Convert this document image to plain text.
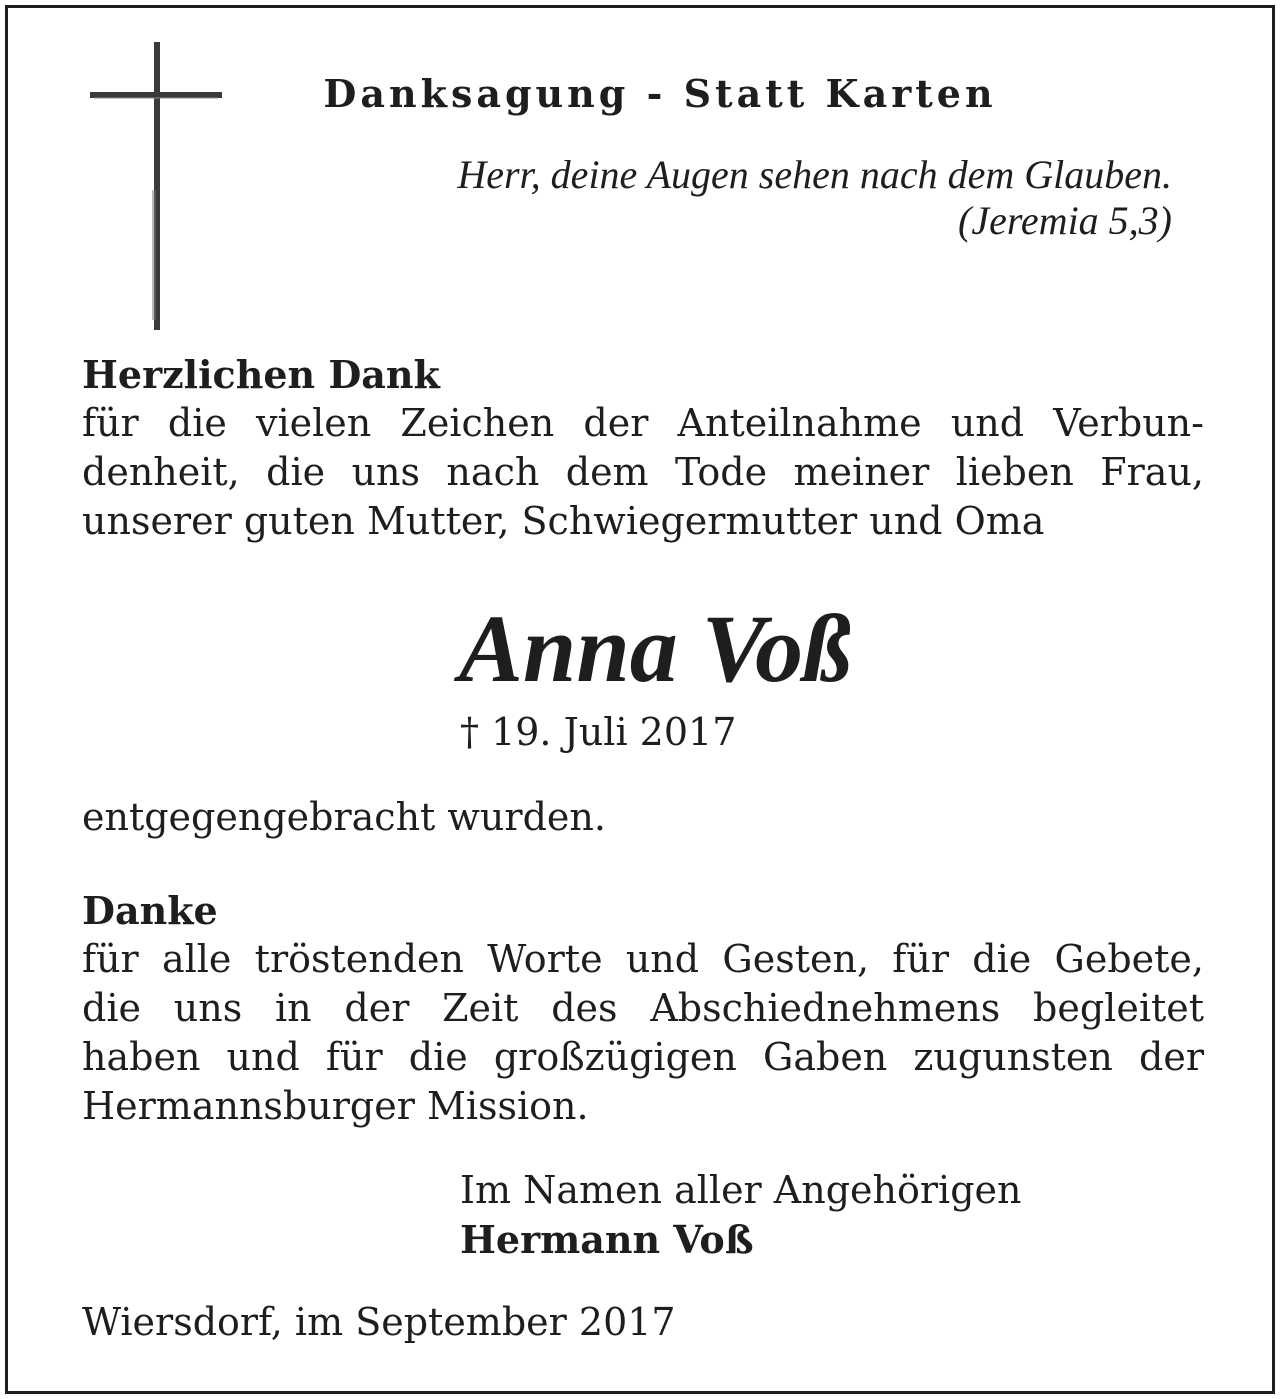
Danksagung - Statt Karten
Herr, deine Augen sehen nach dem Glauben.
(Jeremia 5,3)
Herzlichen Dank
für die vielen Zeichen der Anteilnahme und Verbun-
denheit, die uns nach dem Tode meiner lieben Frau,
unserer guten Mutter, Schwiegermutter und Oma
Anna Voß
† 19. Juli 2017
entgegengebracht wurden.
Danke
für alle tröstenden Worte und Gesten, für die Gebete,
die uns in der Zeit des Abschiednehmens begleitet
haben und für die großzügigen Gaben zugunsten der
Hermannsburger Mission.
Im Namen aller Angehörigen
Hermann Voß
Wiersdorf, im September 2017
